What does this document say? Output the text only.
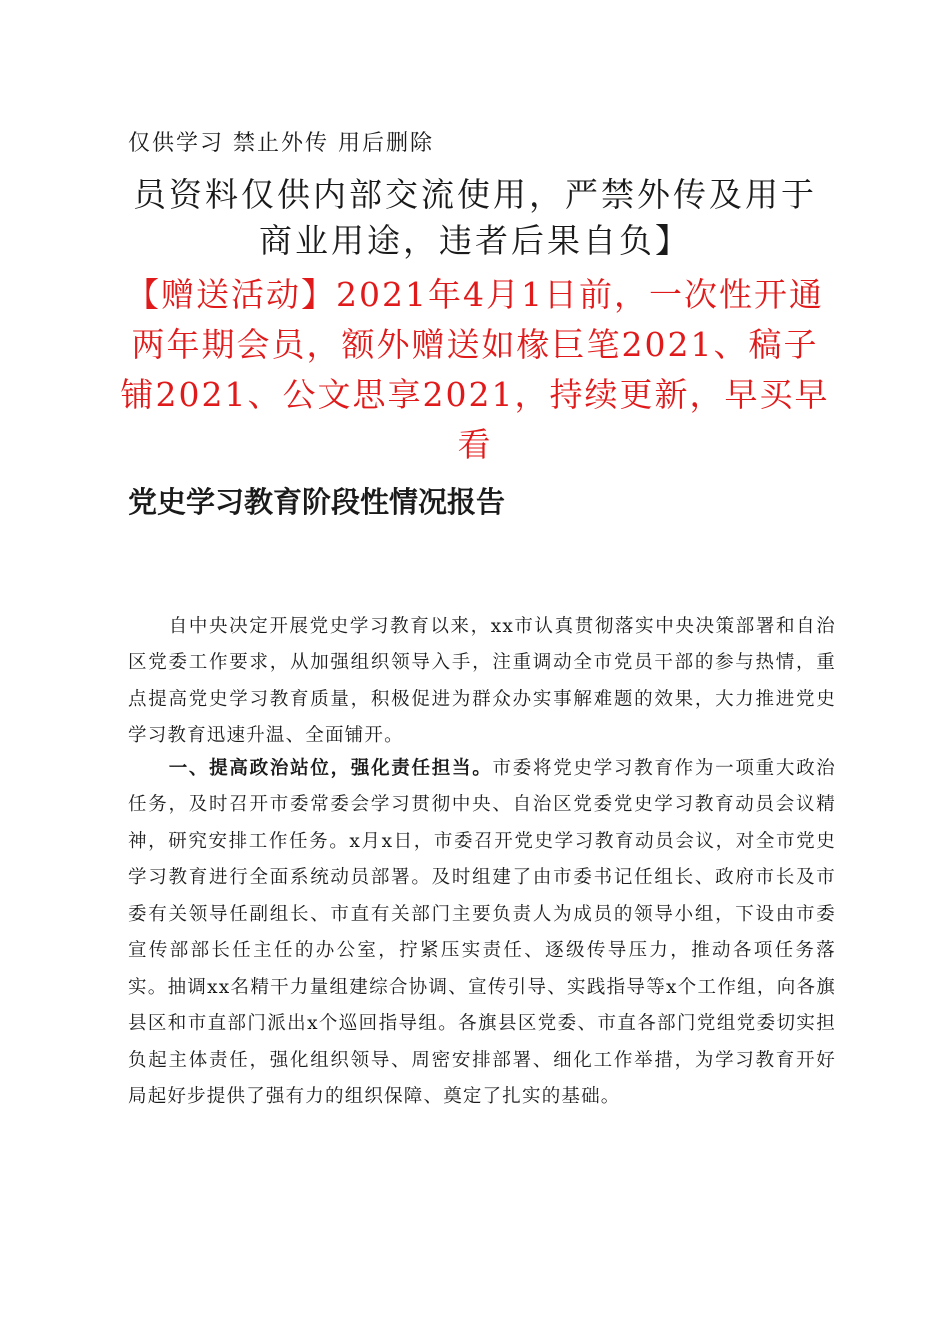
仅供学习 禁止外传 用后删除
员资料仅供内部交流使用，严禁外传及用于商业用途，违者后果自负】
【赠送活动】2021年4月1日前，一次性开通两年期会员，额外赠送如椽巨笔2021、稿子铺2021、公文思享2021，持续更新，早买早看
党史学习教育阶段性情况报告

自中央决定开展党史学习教育以来，xx市认真贯彻落实中央决策部署和自治区党委工作要求，从加强组织领导入手，注重调动全市党员干部的参与热情，重点提高党史学习教育质量，积极促进为群众办实事解难题的效果，大力推进党史学习教育迅速升温、全面铺开。

一、提高政治站位，强化责任担当。市委将党史学习教育作为一项重大政治任务，及时召开市委常委会学习贯彻中央、自治区党委党史学习教育动员会议精神，研究安排工作任务。x月x日，市委召开党史学习教育动员会议，对全市党史学习教育进行全面系统动员部署。及时组建了由市委书记任组长、政府市长及市委有关领导任副组长、市直有关部门主要负责人为成员的领导小组，下设由市委宣传部部长任主任的办公室，拧紧压实责任、逐级传导压力，推动各项任务落实。抽调xx名精干力量组建综合协调、宣传引导、实践指导等x个工作组，向各旗县区和市直部门派出x个巡回指导组。各旗县区党委、市直各部门党组党委切实担负起主体责任，强化组织领导、周密安排部署、细化工作举措，为学习教育开好局起好步提供了强有力的组织保障、奠定了扎实的基础。
